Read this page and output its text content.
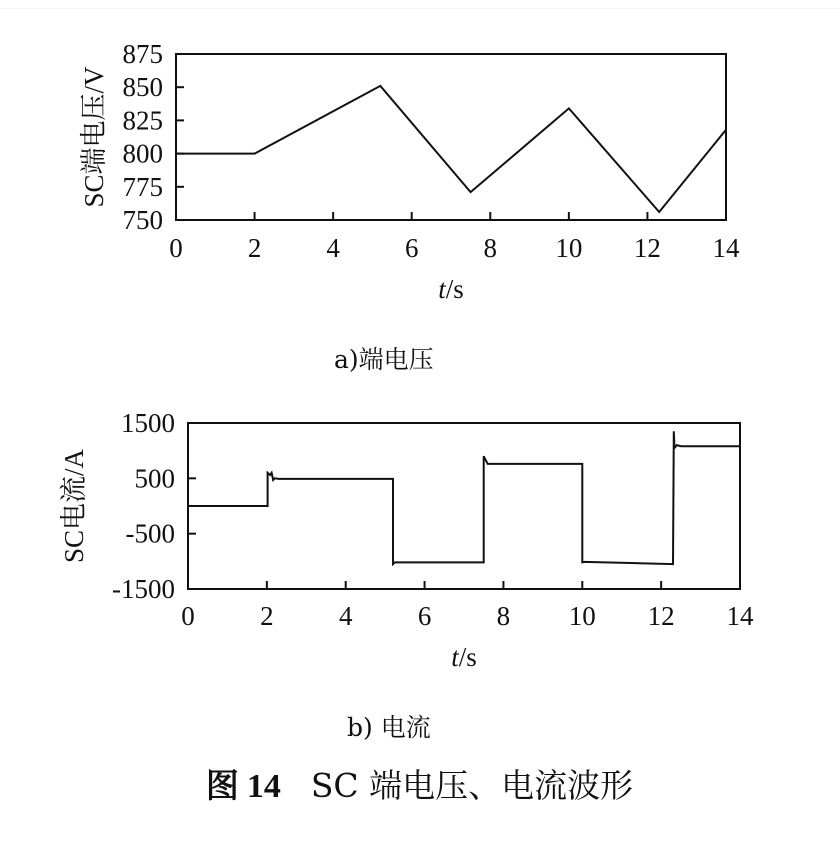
0 2 4 6 8 10 12 14
750
775
800
825
850
875
t/s
SC端电压/V
a)端电压
0 2 4 6 8 10 12 14
-1500
-500
500
1500
t/s
SC电流/A
b) 电流
图 14 SC 端电压、电流波形
